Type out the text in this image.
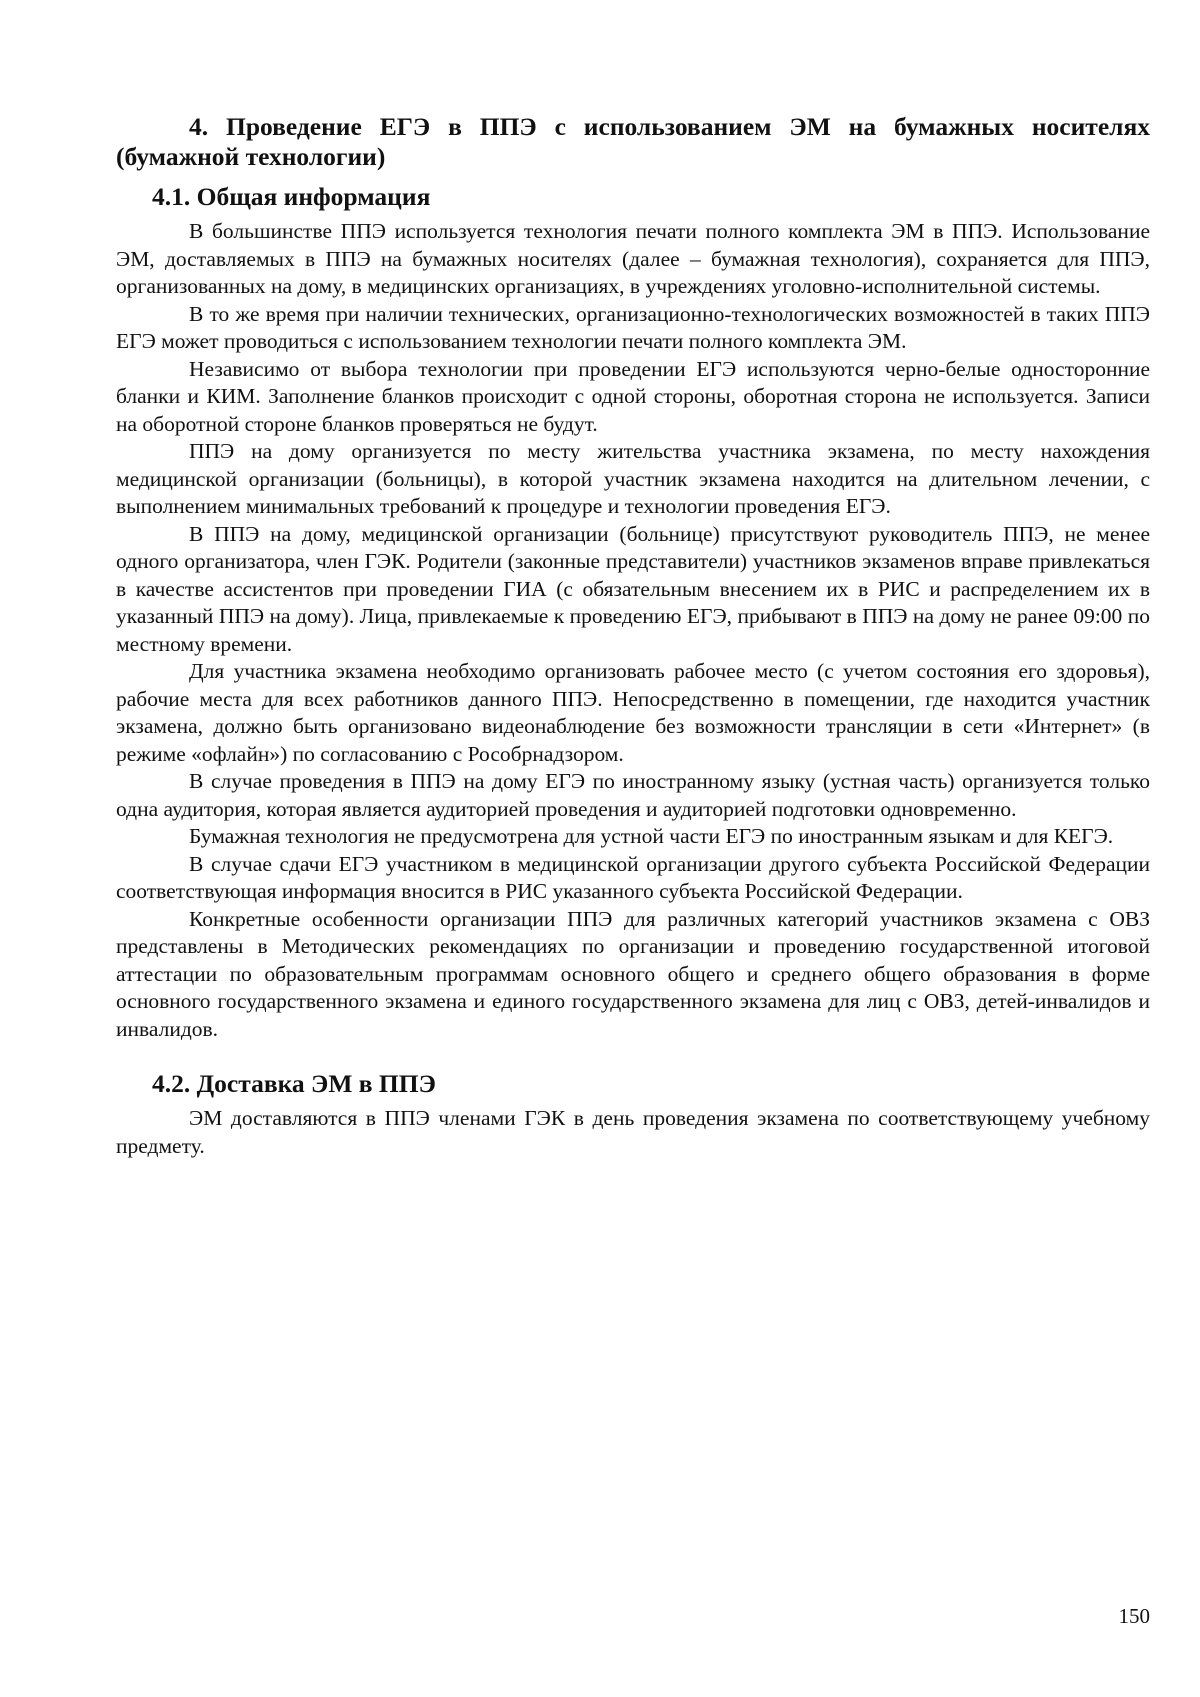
4. Проведение ЕГЭ в ППЭ с использованием ЭМ на бумажных носителях (бумажной технологии)
4.1. Общая информация

В большинстве ППЭ используется технология печати полного комплекта ЭМ в ППЭ. Использование ЭМ, доставляемых в ППЭ на бумажных носителях (далее – бумажная технология), сохраняется для ППЭ, организованных на дому, в медицинских организациях, в учреждениях уголовно-исполнительной системы.

В то же время при наличии технических, организационно-технологических возможностей в таких ППЭ ЕГЭ может проводиться с использованием технологии печати полного комплекта ЭМ.

Независимо от выбора технологии при проведении ЕГЭ используются черно-белые односторонние бланки и КИМ. Заполнение бланков происходит с одной стороны, оборотная сторона не используется. Записи на оборотной стороне бланков проверяться не будут.

ППЭ на дому организуется по месту жительства участника экзамена, по месту нахождения медицинской организации (больницы), в которой участник экзамена находится на длительном лечении, с выполнением минимальных требований к процедуре и технологии проведения ЕГЭ.

В ППЭ на дому, медицинской организации (больнице) присутствуют руководитель ППЭ, не менее одного организатора, член ГЭК. Родители (законные представители) участников экзаменов вправе привлекаться в качестве ассистентов при проведении ГИА (с обязательным внесением их в РИС и распределением их в указанный ППЭ на дому). Лица, привлекаемые к проведению ЕГЭ, прибывают в ППЭ на дому не ранее 09:00 по местному времени.

Для участника экзамена необходимо организовать рабочее место (с учетом состояния его здоровья), рабочие места для всех работников данного ППЭ. Непосредственно в помещении, где находится участник экзамена, должно быть организовано видеонаблюдение без возможности трансляции в сети «Интернет» (в режиме «офлайн») по согласованию с Рособрнадзором.

В случае проведения в ППЭ на дому ЕГЭ по иностранному языку (устная часть) организуется только одна аудитория, которая является аудиторией проведения и аудиторией подготовки одновременно.

Бумажная технология не предусмотрена для устной части ЕГЭ по иностранным языкам и для КЕГЭ.

В случае сдачи ЕГЭ участником в медицинской организации другого субъекта Российской Федерации соответствующая информация вносится в РИС указанного субъекта Российской Федерации.

Конкретные особенности организации ППЭ для различных категорий участников экзамена с ОВЗ представлены в Методических рекомендациях по организации и проведению государственной итоговой аттестации по образовательным программам основного общего и среднего общего образования в форме основного государственного экзамена и единого государственного экзамена для лиц с ОВЗ, детей-инвалидов и инвалидов.

4.2. Доставка ЭМ в ППЭ

ЭМ доставляются в ППЭ членами ГЭК в день проведения экзамена по соответствующему учебному предмету.

150
